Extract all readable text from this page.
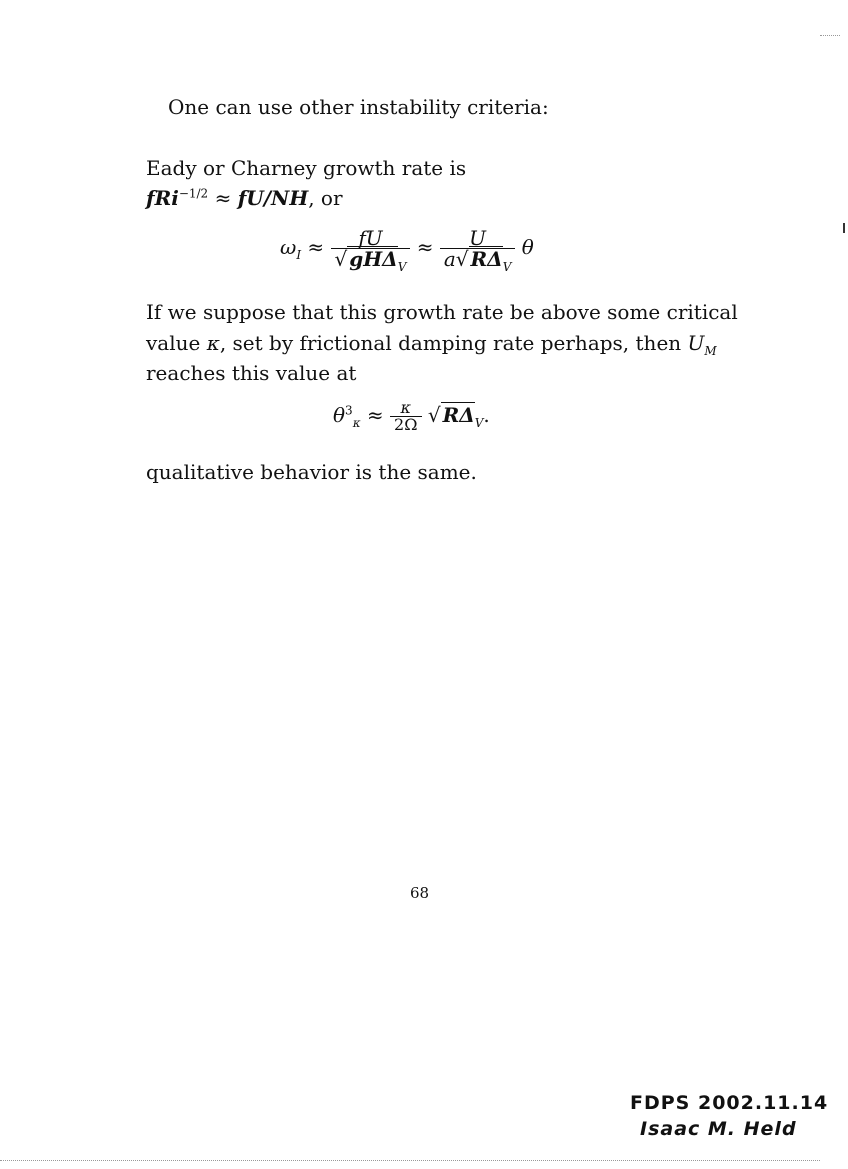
One can use other instability criteria:
Eady or Charney growth rate is
fRi$^{-1/2}$ ≈ fU/NH, or
$\omega_I \approx \frac{fU}{√ gH\Delta_V} \approx \frac{U}{a√ R\Delta_V}$ θ
If we suppose that this growth rate be above some critical
value κ, set by frictional damping rate perhaps, then $U_M$
reaches this value at
$\theta^3_\kappa \approx \frac{\kappa}{2\Omega}$ √ $R\Delta_V$.
qualitative behavior is the same.
68
FDPS 2002.11.14
Isaac M. Held
